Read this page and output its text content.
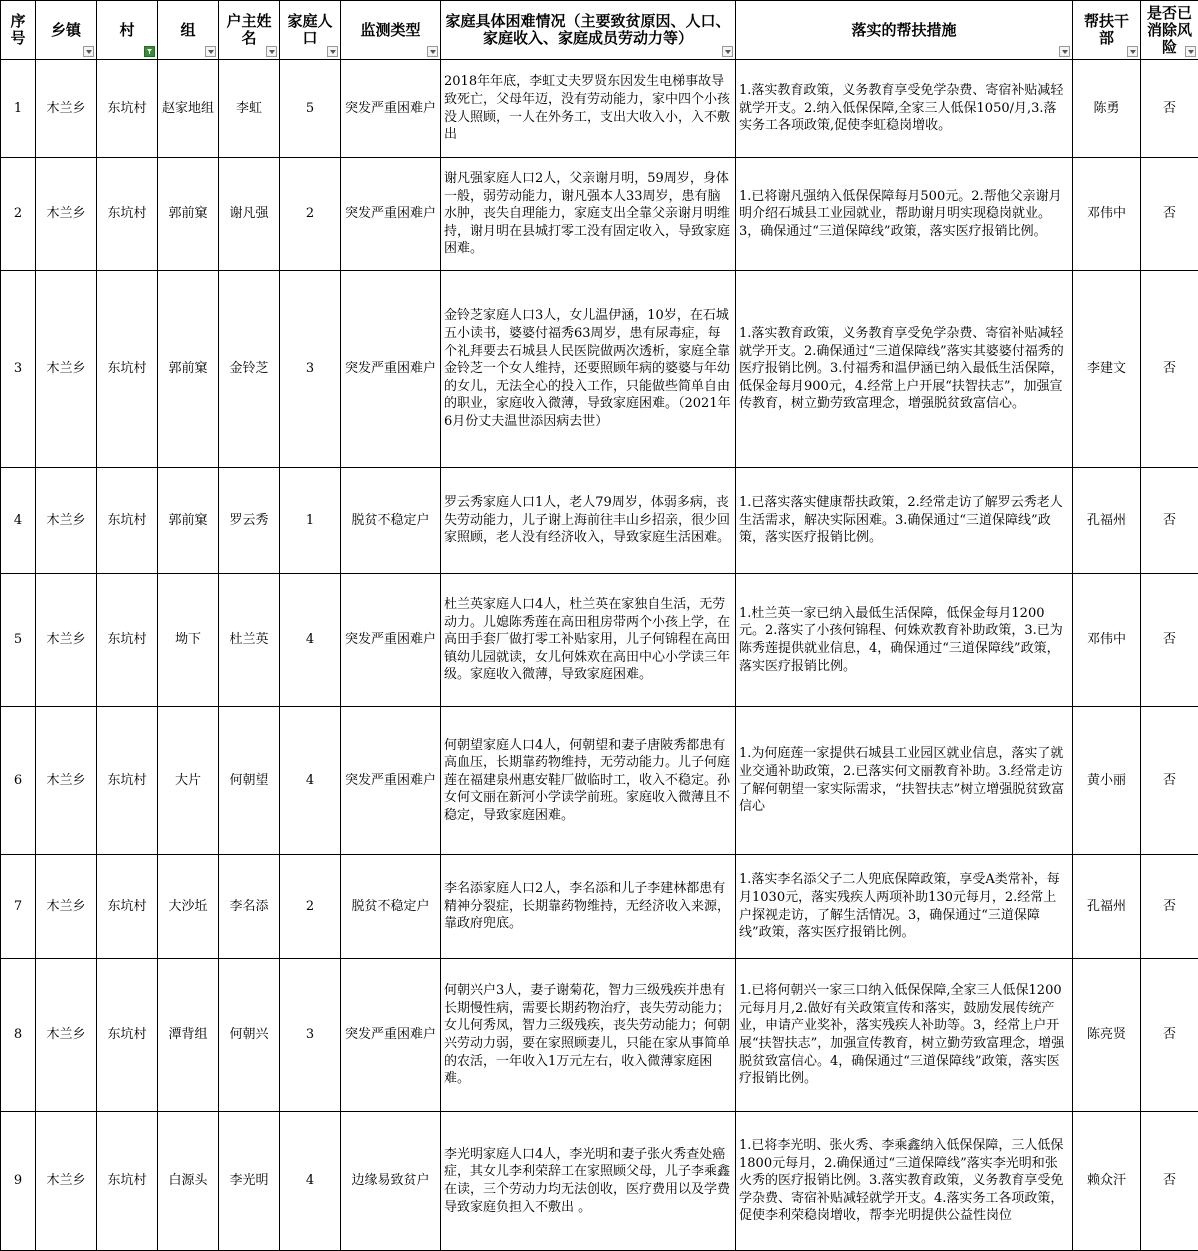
序号	乡镇	村	组	户主姓名	家庭人口	监测类型	家庭具体困难情况（主要致贫原因、人口、家庭收入、家庭成员劳动力等）	落实的帮扶措施	帮扶干部	是否已消除风险

1	木兰乡	东坑村	赵家地组	李虹	5	突发严重困难户	2018年年底，李虹丈夫罗贤东因发生电梯事故导致死亡，父母年迈，没有劳动能力，家中四个小孩没人照顾，一人在外务工，支出大收入小，入不敷出	1.落实教育政策，义务教育享受免学杂费、寄宿补贴减轻就学开支。2.纳入低保保障,全家三人低保1050/月,3.落实务工各项政策,促使李虹稳岗增收。	陈勇	否
2	木兰乡	东坑村	郭前窠	谢凡强	2	突发严重困难户	谢凡强家庭人口2人，父亲谢月明，59周岁，身体一般，弱劳动能力，谢凡强本人33周岁，患有脑水肿，丧失自理能力，家庭支出全靠父亲谢月明维持，谢月明在县城打零工没有固定收入，导致家庭困难。	1.已将谢凡强纳入低保保障每月500元。2.帮他父亲谢月明介绍石城县工业园就业，帮助谢月明实现稳岗就业。3，确保通过“三道保障线”政策，落实医疗报销比例。	邓伟中	否
3	木兰乡	东坑村	郭前窠	金铃芝	3	突发严重困难户	金铃芝家庭人口3人，女儿温伊涵，10岁，在石城五小读书，婆婆付福秀63周岁，患有尿毒症，每个礼拜要去石城县人民医院做两次透析，家庭全靠金铃芝一个女人维持，还要照顾年病的婆婆与年幼的女儿，无法全心的投入工作，只能做些简单自由的职业，家庭收入微薄，导致家庭困难。（2021年6月份丈夫温世添因病去世）	1.落实教育政策，义务教育享受免学杂费、寄宿补贴减轻就学开支。2.确保通过“三道保障线”落实其婆婆付福秀的医疗报销比例。3.付福秀和温伊涵已纳入最低生活保障，低保金每月900元，4.经常上户开展“扶智扶志”，加强宣传教育，树立勤劳致富理念，增强脱贫致富信心。	李建文	否
4	木兰乡	东坑村	郭前窠	罗云秀	1	脱贫不稳定户	罗云秀家庭人口1人，老人79周岁，体弱多病，丧失劳动能力，儿子谢上海前往丰山乡招亲，很少回家照顾，老人没有经济收入，导致家庭生活困难。	1.已落实落实健康帮扶政策，2.经常走访了解罗云秀老人生活需求，解决实际困难。3.确保通过“三道保障线”政策，落实医疗报销比例。	孔福州	否
5	木兰乡	东坑村	坳下	杜兰英	4	突发严重困难户	杜兰英家庭人口4人，杜兰英在家独自生活，无劳动力。儿媳陈秀莲在高田租房带两个小孩上学，在高田手套厂做打零工补贴家用，儿子何锦程在高田镇幼儿园就读，女儿何姝欢在高田中心小学读三年级。家庭收入微薄，导致家庭困难。	1.杜兰英一家已纳入最低生活保障，低保金每月1200元。2.落实了小孩何锦程、何姝欢教育补助政策，3.已为陈秀莲提供就业信息，4，确保通过“三道保障线”政策，落实医疗报销比例。	邓伟中	否
6	木兰乡	东坑村	大片	何朝望	4	突发严重困难户	何朝望家庭人口4人，何朝望和妻子唐陂秀都患有高血压，长期靠药物维持，无劳动能力。儿子何庭莲在福建泉州惠安鞋厂做临时工，收入不稳定。孙女何文丽在新河小学读学前班。家庭收入微薄且不稳定，导致家庭困难。	1.为何庭莲一家提供石城县工业园区就业信息，落实了就业交通补助政策，2.已落实何文丽教育补助。3.经常走访了解何朝望一家实际需求，“扶智扶志”树立增强脱贫致富信心	黄小丽	否
7	木兰乡	东坑村	大沙坵	李名添	2	脱贫不稳定户	李名添家庭人口2人，李名添和儿子李建林都患有精神分裂症，长期靠药物维持，无经济收入来源，靠政府兜底。	1.落实李名添父子二人兜底保障政策，享受A类常补，每月1030元，落实残疾人两项补助130元每月，2.经常上户探视走访，了解生活情况。3，确保通过“三道保障线”政策，落实医疗报销比例。	孔福州	否
8	木兰乡	东坑村	潭背组	何朝兴	3	突发严重困难户	何朝兴户3人，妻子谢菊花，智力三级残疾并患有长期慢性病，需要长期药物治疗，丧失劳动能力；女儿何秀凤，智力三级残疾，丧失劳动能力；何朝兴劳动力弱，要在家照顾妻儿，只能在家从事简单的农活，一年收入1万元左右，收入微薄家庭困难。	1.已将何朝兴一家三口纳入低保保障,全家三人低保1200元每月月,2.做好有关政策宣传和落实，鼓励发展传统产业，申请产业奖补，落实残疾人补助等。3，经常上户开展“扶智扶志”，加强宣传教育，树立勤劳致富理念，增强脱贫致富信心。4，确保通过“三道保障线”政策，落实医疗报销比例。	陈亮贤	否
9	木兰乡	东坑村	白源头	李光明	4	边缘易致贫户	李光明家庭人口4人，李光明和妻子张火秀查处癌症，其女儿李利荣辞工在家照顾父母，儿子李乘鑫在读，三个劳动力均无法创收，医疗费用以及学费导致家庭负担入不敷出 。	1.已将李光明、张火秀、李乘鑫纳入低保保障，三人低保1800元每月，2.确保通过“三道保障线”落实李光明和张火秀的医疗报销比例。3.落实教育政策，义务教育享受免学杂费、寄宿补贴减轻就学开支。4.落实务工各项政策，促使李利荣稳岗增收，帮李光明提供公益性岗位	赖众汗	否
